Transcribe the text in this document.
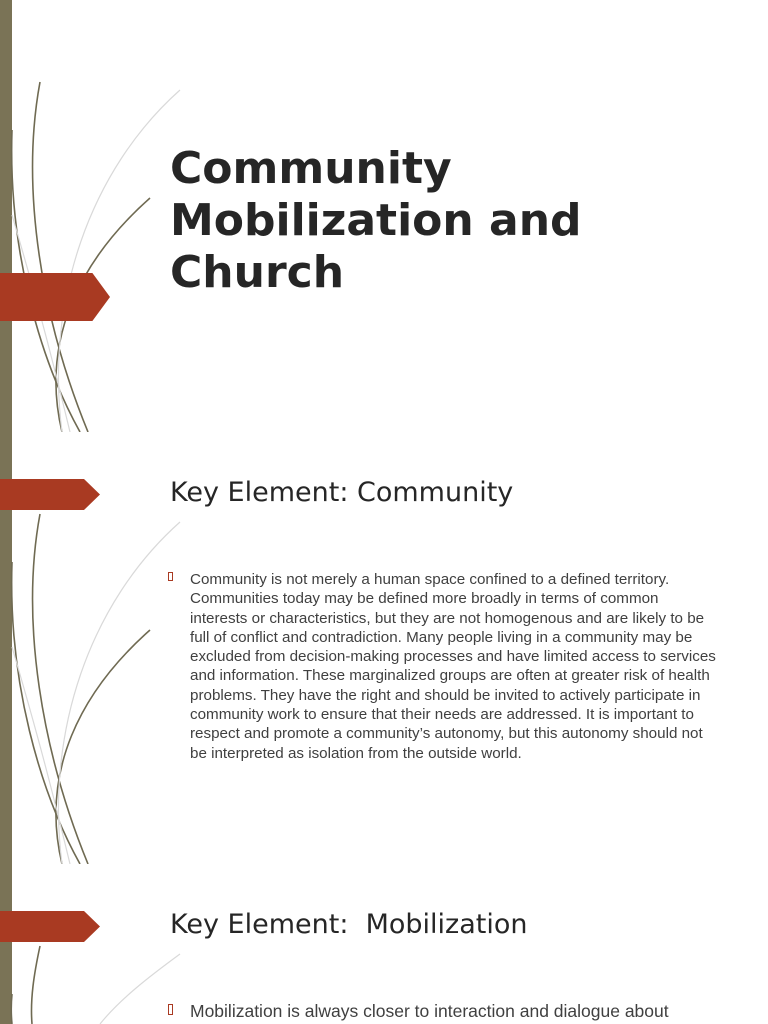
Community Mobilization and Church
Key Element: Community
Community is not merely a human space confined to a defined territory. Communities today may be defined more broadly in terms of common interests or characteristics, but they are not homogenous and are likely to be full of conflict and contradiction. Many people living in a community may be excluded from decision-making processes and have limited access to services and information. These marginalized groups are often at greater risk of health problems. They have the right and should be invited to actively participate in community work to ensure that their needs are addressed. It is important to respect and promote a community’s autonomy, but this autonomy should not be interpreted as isolation from the outside world.
Key Element:  Mobilization
Mobilization is always closer to interaction and dialogue about
